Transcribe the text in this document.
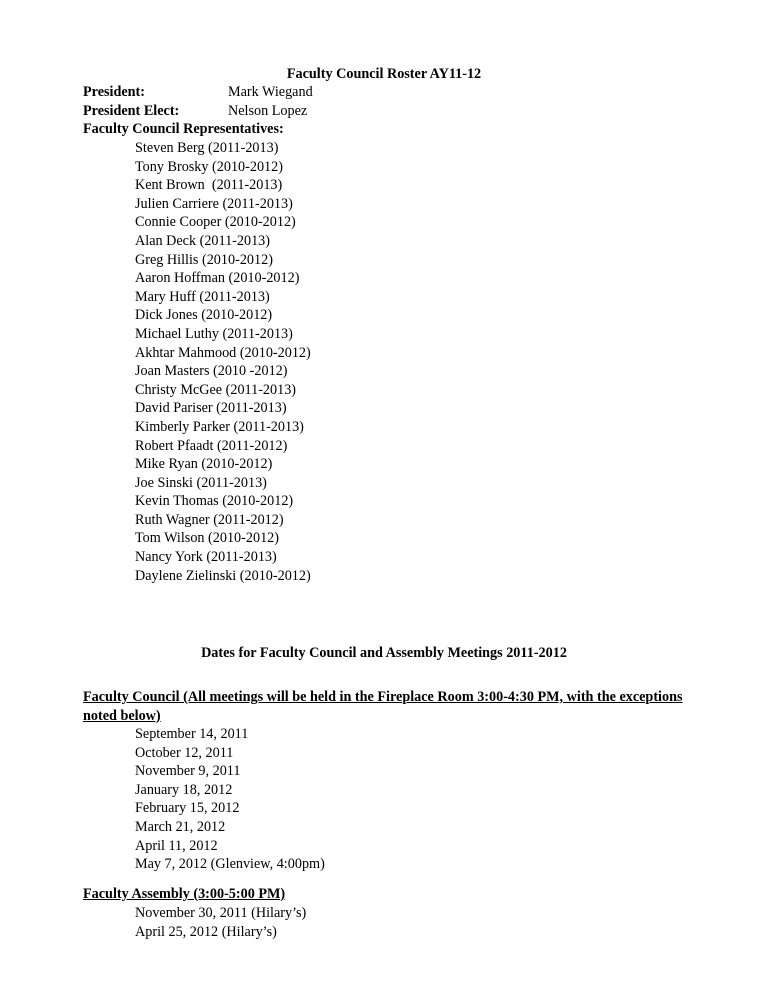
Faculty Council Roster AY11-12
President:	Mark Wiegand
President Elect:	Nelson Lopez
Faculty Council Representatives:
Steven Berg (2011-2013)
Tony Brosky (2010-2012)
Kent Brown  (2011-2013)
Julien Carriere (2011-2013)
Connie Cooper (2010-2012)
Alan Deck (2011-2013)
Greg Hillis (2010-2012)
Aaron Hoffman (2010-2012)
Mary Huff (2011-2013)
Dick Jones (2010-2012)
Michael Luthy (2011-2013)
Akhtar Mahmood (2010-2012)
Joan Masters (2010 -2012)
Christy McGee (2011-2013)
David Pariser (2011-2013)
Kimberly Parker (2011-2013)
Robert Pfaadt (2011-2012)
Mike Ryan (2010-2012)
Joe Sinski (2011-2013)
Kevin Thomas (2010-2012)
Ruth Wagner (2011-2012)
Tom Wilson (2010-2012)
Nancy York (2011-2013)
Daylene Zielinski (2010-2012)
Dates for Faculty Council and Assembly Meetings 2011-2012
Faculty Council (All meetings will be held in the Fireplace Room 3:00-4:30 PM, with the exceptions noted below)
September 14, 2011
October 12, 2011
November 9, 2011
January 18, 2012
February 15, 2012
March 21, 2012
April 11, 2012
May 7, 2012 (Glenview, 4:00pm)
Faculty Assembly (3:00-5:00 PM)
November 30, 2011 (Hilary’s)
April 25, 2012 (Hilary’s)
